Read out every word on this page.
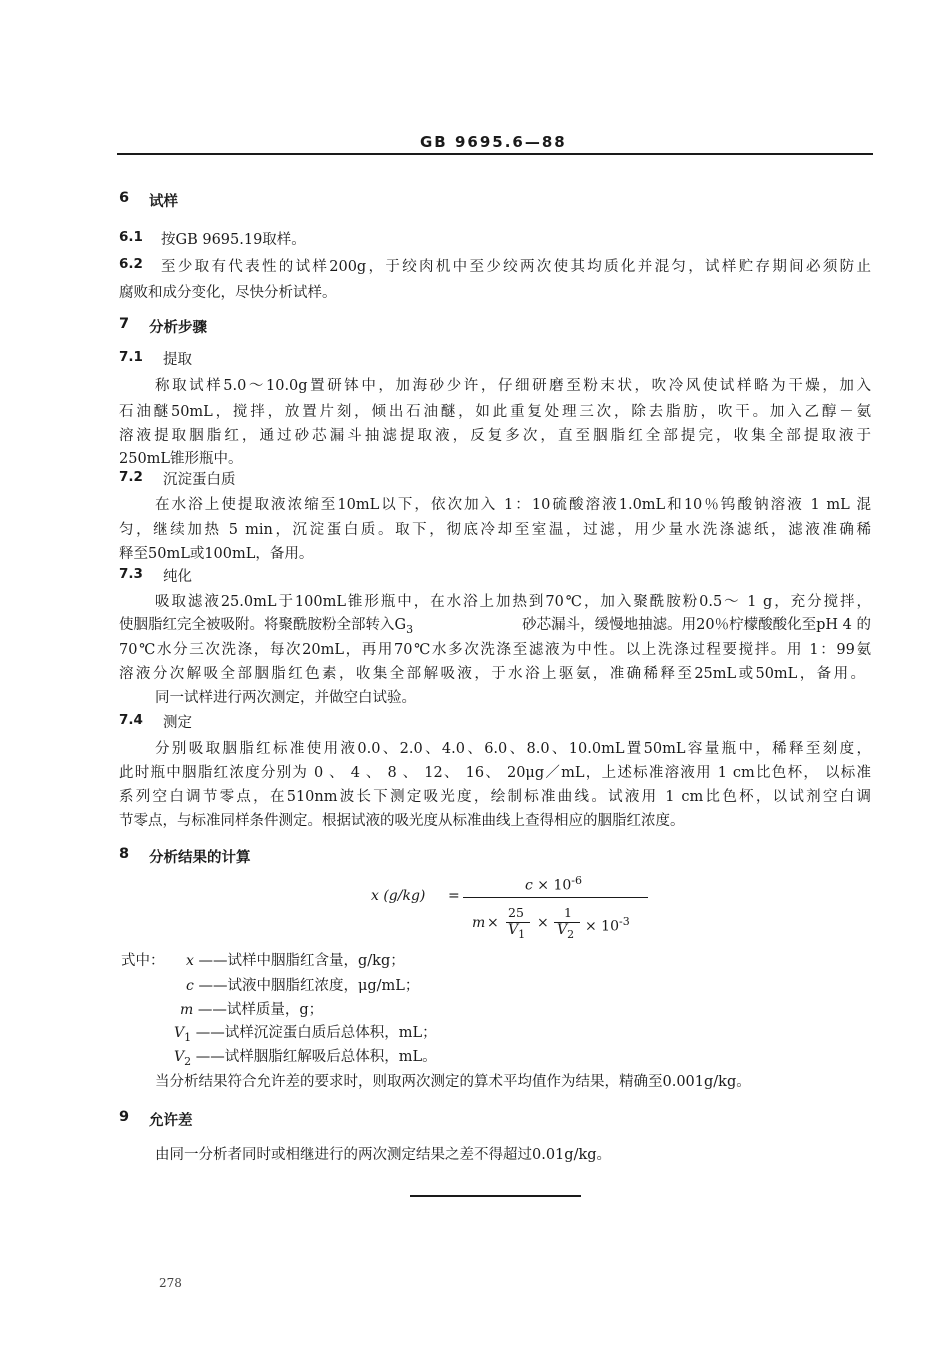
GB 9695.6—88
6 试样
6.1 按GB 9695.19取样。
6.2 至少取有代表性的试样200g，于绞肉机中至少绞两次使其均质化并混匀，试样贮存期间必须防止
腐败和成分变化，尽快分析试样。
7 分析步骤
7.1 提取
称取试样5.0～10.0g置研钵中，加海砂少许，仔细研磨至粉末状，吹冷风使试样略为干燥，加入
石油醚50mL，搅拌，放置片刻，倾出石油醚，如此重复处理三次，除去脂肪，吹干。加入乙醇－氨
溶液提取胭脂红，通过砂芯漏斗抽滤提取液，反复多次，直至胭脂红全部提完，收集全部提取液于
250mL锥形瓶中。
7.2 沉淀蛋白质
在水浴上使提取液浓缩至10mL以下，依次加入 1：10硫酸溶液1.0mL和10％钨酸钠溶液 1 mL 混
匀，继续加热 5 min，沉淀蛋白质。取下，彻底冷却至室温，过滤，用少量水洗涤滤纸，滤液准确稀
释至50mL或100mL，备用。
7.3 纯化
吸取滤液25.0mL于100mL锥形瓶中，在水浴上加热到70℃，加入聚酰胺粉0.5～ 1 g，充分搅拌，
使胭脂红完全被吸附。将聚酰胺粉全部转入$G_3$	砂芯漏斗，缓慢地抽滤。用20％柠檬酸酸化至pH 4 的
70℃水分三次洗涤，每次20mL，再用70℃水多次洗涤至滤液为中性。以上洗涤过程要搅拌。用 1：99氨
溶液分次解吸全部胭脂红色素，收集全部解吸液，于水浴上驱氨，准确稀释至25mL或50mL，备用。
同一试样进行两次测定，并做空白试验。
7.4 测定
分别吸取胭脂红标准使用液0.0、2.0、4.0、6.0、8.0、10.0mL置50mL容量瓶中，稀释至刻度，
此时瓶中胭脂红浓度分别为 0 、 4 、 8 、 12、 16、 20μg／mL，上述标准溶液用 1 cm比色杯， 以标准
系列空白调节零点，在510nm波长下测定吸光度，绘制标准曲线。试液用 1 cm比色杯，以试剂空白调
节零点，与标准同样条件测定。根据试液的吸光度从标准曲线上查得相应的胭脂红浓度。
8 分析结果的计算
x (g/kg) =
$c \times 10^{-6}$
m ×
25
$V_1$
×
1
$V_2 \times 10^{-3}$
式中： x ——试样中胭脂红含量，g/kg；
c ——试液中胭脂红浓度，μg/mL；
m ——试样质量，g；
$V_1$ ——试样沉淀蛋白质后总体积，mL；
$V_2$ ——试样胭脂红解吸后总体积，mL。
当分析结果符合允许差的要求时，则取两次测定的算术平均值作为结果，精确至0.001g/kg。
9 允许差
由同一分析者同时或相继进行的两次测定结果之差不得超过0.01g/kg。
278
